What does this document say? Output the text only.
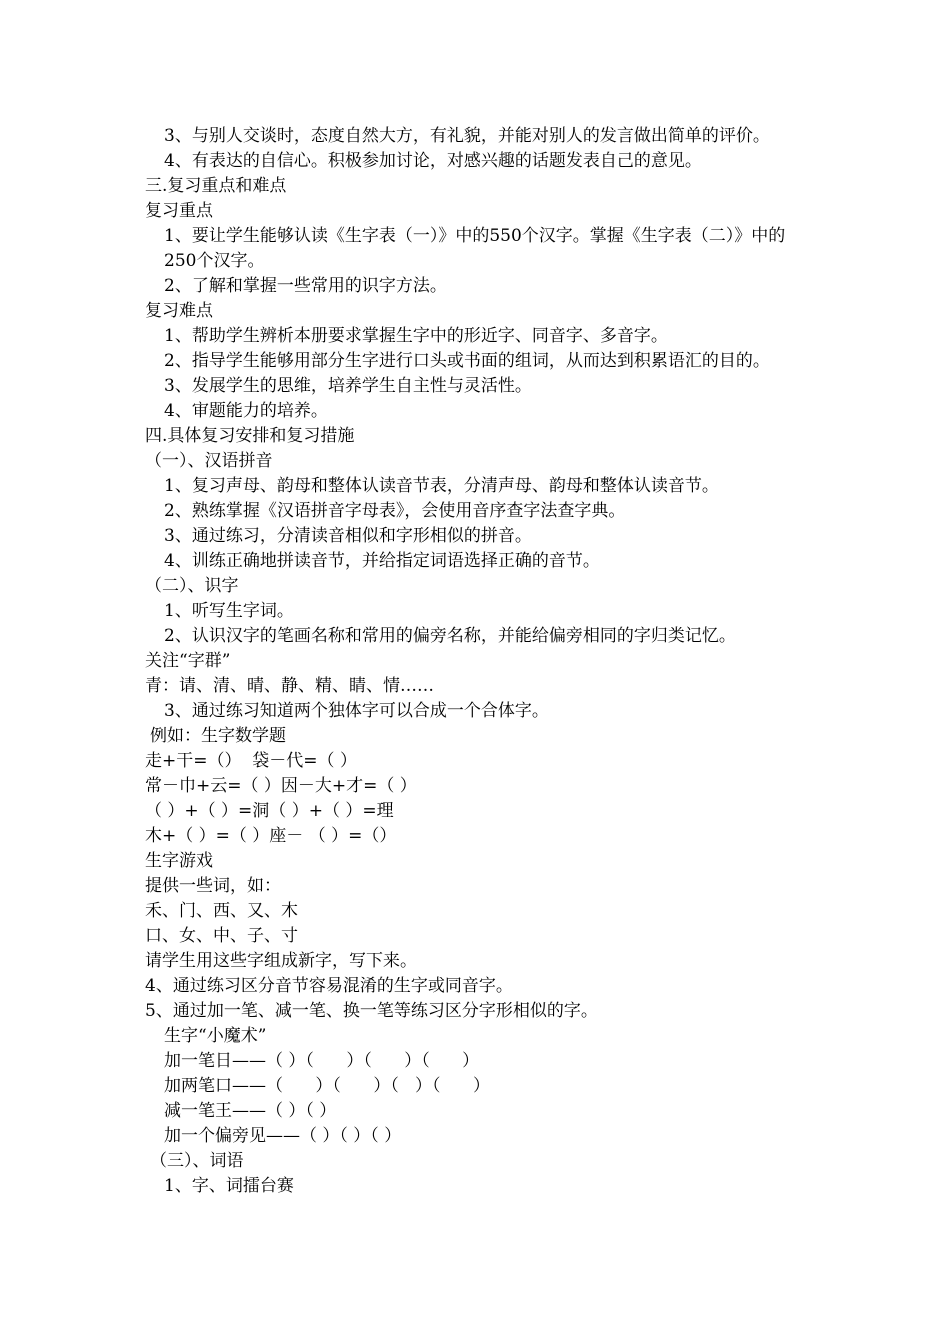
3、与别人交谈时，态度自然大方，有礼貌，并能对别人的发言做出简单的评价。
4、有表达的自信心。积极参加讨论，对感兴趣的话题发表自己的意见。
三.复习重点和难点
复习重点
1、要让学生能够认读《生字表（一）》中的550个汉字。掌握《生字表（二）》中的250个汉字。
2、了解和掌握一些常用的识字方法。
复习难点
1、帮助学生辨析本册要求掌握生字中的形近字、同音字、多音字。
2、指导学生能够用部分生字进行口头或书面的组词，从而达到积累语汇的目的。
3、发展学生的思维，培养学生自主性与灵活性。
4、审题能力的培养。
四.具体复习安排和复习措施
（一）、汉语拼音
1、复习声母、韵母和整体认读音节表，分清声母、韵母和整体认读音节。
2、熟练掌握《汉语拼音字母表》，会使用音序查字法查字典。
3、通过练习，分清读音相似和字形相似的拼音。
4、训练正确地拼读音节，并给指定词语选择正确的音节。
（二）、识字
1、听写生字词。
2、认识汉字的笔画名称和常用的偏旁名称，并能给偏旁相同的字归类记忆。
关注“字群”
青：请、清、晴、静、精、睛、情……
3、通过练习知道两个独体字可以合成一个合体字。
例如：生字数学题
走+干=（）  袋－代=（ ）
常－巾+云=（ ）因－大+才=（ ）
（ ）+（ ）=洞（ ）+（ ）=理
木+（ ）=（ ）座－ （ ）=（）
生字游戏
提供一些词，如：
禾、门、西、又、木
口、女、中、子、寸
请学生用这些字组成新字，写下来。
4、通过练习区分音节容易混淆的生字或同音字。
5、通过加一笔、减一笔、换一笔等练习区分字形相似的字。
生字“小魔术”
加一笔日——（ ）（      ）（      ）（      ）
加两笔口——（      ）（      ）（   ）（      ）
减一笔王——（ ）（ ）
加一个偏旁见——（ ）（ ）（ ）
（三）、词语
1、字、词擂台赛
